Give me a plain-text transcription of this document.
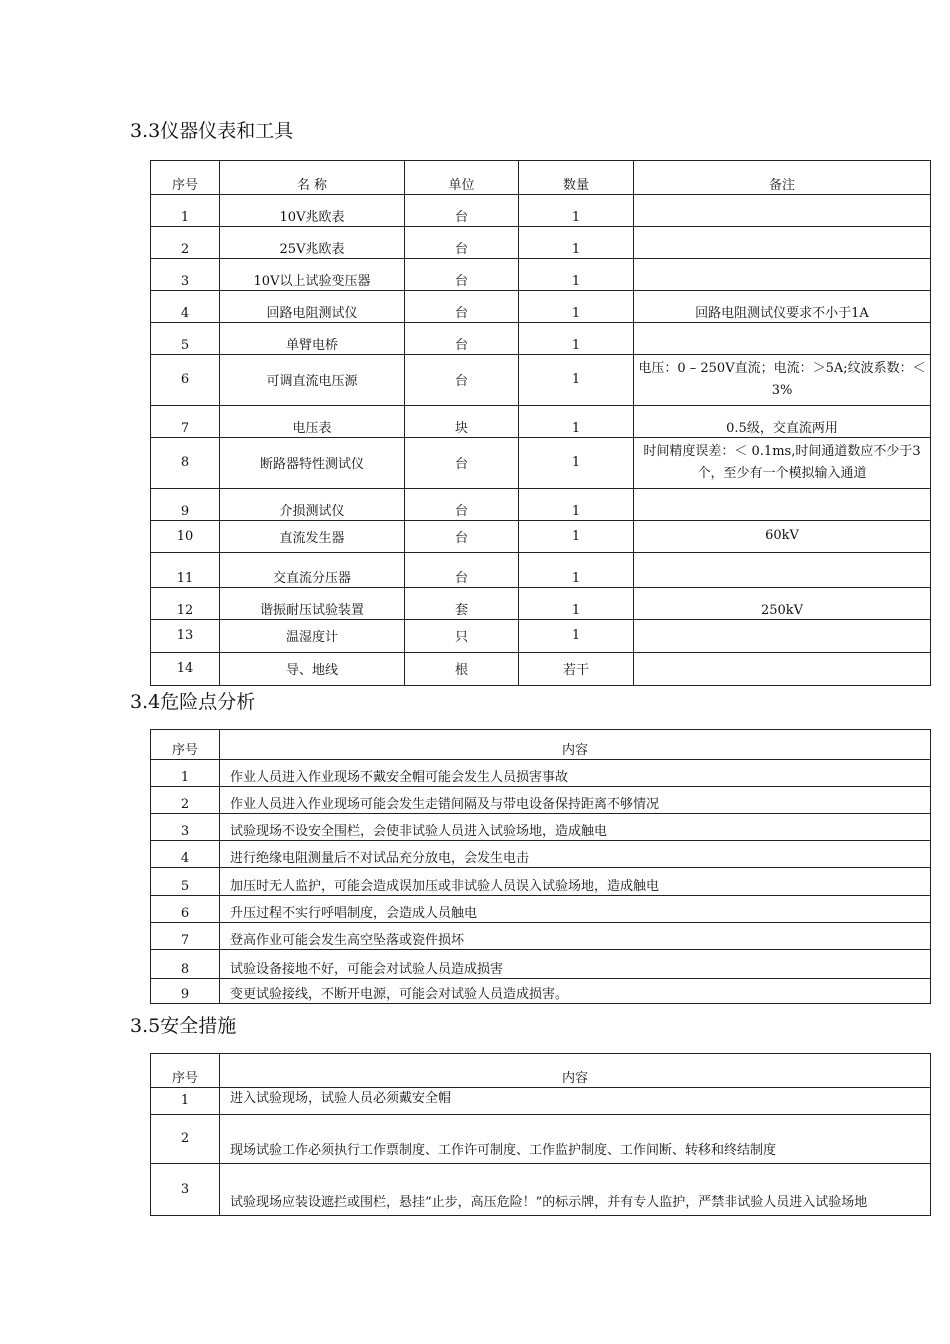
3.3仪器仪表和工具
序号	名 称	单位	数量	备注
1	10V兆欧表	台	1	
2	25V兆欧表	台	1	
3	10V以上试验变压器	台	1	
4	回路电阻测试仪	台	1	回路电阻测试仪要求不小于1A
5	单臂电桥	台	1	
6	可调直流电压源	台	1	电压：0 – 250V直流；电流：＞5A;纹波系数：＜3%
7	电压表	块	1	0.5级，交直流两用
8	断路器特性测试仪	台	1	时间精度误差：＜ 0.1ms,时间通道数应不少于3个，至少有一个模拟输入通道
9	介损测试仪	台	1	
10	直流发生器	台	1	60kV
11	交直流分压器	台	1	
12	谐振耐压试验装置	套	1	250kV
13	温湿度计	只	1	
14	导、地线	根	若干	
3.4危险点分析
序号	内容
1	作业人员进入作业现场不戴安全帽可能会发生人员损害事故
2	作业人员进入作业现场可能会发生走错间隔及与带电设备保持距离不够情况
3	试验现场不设安全围栏，会使非试验人员进入试验场地，造成触电
4	进行绝缘电阻测量后不对试品充分放电，会发生电击
5	加压时无人监护，可能会造成误加压或非试验人员误入试验场地，造成触电
6	升压过程不实行呼唱制度，会造成人员触电
7	登高作业可能会发生高空坠落或瓷件损坏
8	试验设备接地不好，可能会对试验人员造成损害
9	变更试验接线，不断开电源，可能会对试验人员造成损害。
3.5安全措施
序号	内容
1	进入试验现场，试验人员必须戴安全帽
2	现场试验工作必须执行工作票制度、工作许可制度、工作监护制度、工作间断、转移和终结制度
3	试验现场应装设遮拦或围栏，悬挂“止步，高压危险！”的标示牌，并有专人监护，严禁非试验人员进入试验场地
